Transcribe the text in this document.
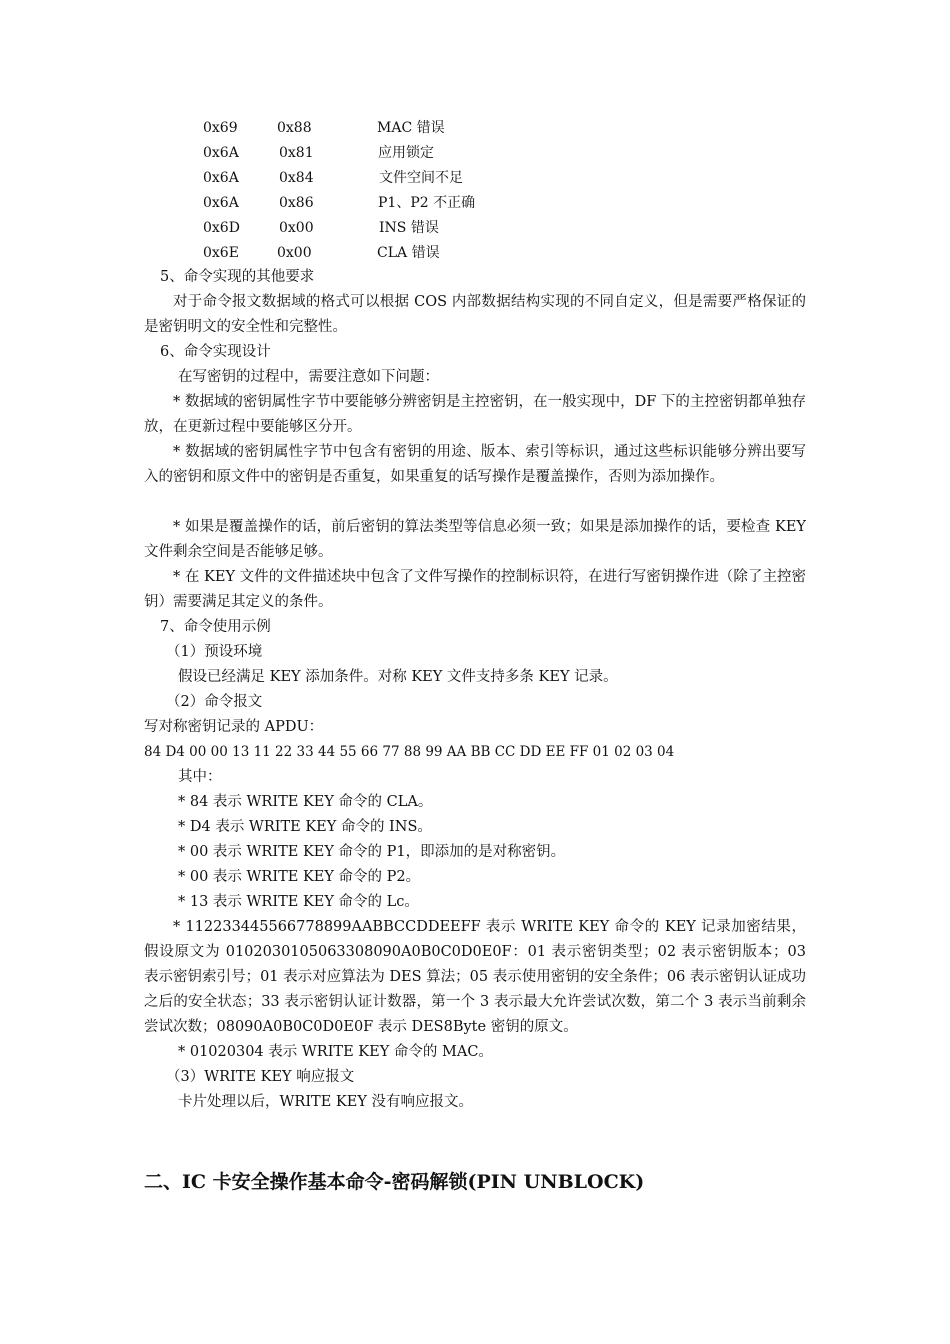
0x69	0x88	MAC 错误
0x6A	0x81	应用锁定
0x6A	0x84	文件空间不足
0x6A	0x86	P1、P2 不正确
0x6D	0x00	INS 错误
0x6E	0x00	CLA 错误
5、命令实现的其他要求
对于命令报文数据域的格式可以根据 COS 内部数据结构实现的不同自定义，但是需要严格保证的是密钥明文的安全性和完整性。
6、命令实现设计
在写密钥的过程中，需要注意如下问题：
* 数据域的密钥属性字节中要能够分辨密钥是主控密钥，在一般实现中，DF 下的主控密钥都单独存放，在更新过程中要能够区分开。
* 数据域的密钥属性字节中包含有密钥的用途、版本、索引等标识，通过这些标识能够分辨出要写入的密钥和原文件中的密钥是否重复，如果重复的话写操作是覆盖操作，否则为添加操作。
* 如果是覆盖操作的话，前后密钥的算法类型等信息必须一致；如果是添加操作的话，要检查 KEY 文件剩余空间是否能够足够。
* 在 KEY 文件的文件描述块中包含了文件写操作的控制标识符，在进行写密钥操作进（除了主控密钥）需要满足其定义的条件。
7、命令使用示例
（1）预设环境
假设已经满足 KEY 添加条件。对称 KEY 文件支持多条 KEY 记录。
（2）命令报文
写对称密钥记录的 APDU：
84 D4 00 00 13 11 22 33 44 55 66 77 88 99 AA BB CC DD EE FF 01 02 03 04
其中：
* 84 表示 WRITE KEY 命令的 CLA。
* D4 表示 WRITE KEY 命令的 INS。
* 00 表示 WRITE KEY 命令的 P1，即添加的是对称密钥。
* 00 表示 WRITE KEY 命令的 P2。
* 13 表示 WRITE KEY 命令的 Lc。
* 112233445566778899AABBCCDDEEFF 表示 WRITE KEY 命令的 KEY 记录加密结果，假设原文为 0102030105063308090A0B0C0D0E0F：01 表示密钥类型；02 表示密钥版本；03 表示密钥索引号；01 表示对应算法为 DES 算法；05 表示使用密钥的安全条件；06 表示密钥认证成功之后的安全状态；33 表示密钥认证计数器，第一个 3 表示最大允许尝试次数，第二个 3 表示当前剩余尝试次数；08090A0B0C0D0E0F 表示 DES8Byte 密钥的原文。
* 01020304 表示 WRITE KEY 命令的 MAC。
（3）WRITE KEY 响应报文
卡片处理以后，WRITE KEY 没有响应报文。
二、IC 卡安全操作基本命令-密码解锁(PIN UNBLOCK)
